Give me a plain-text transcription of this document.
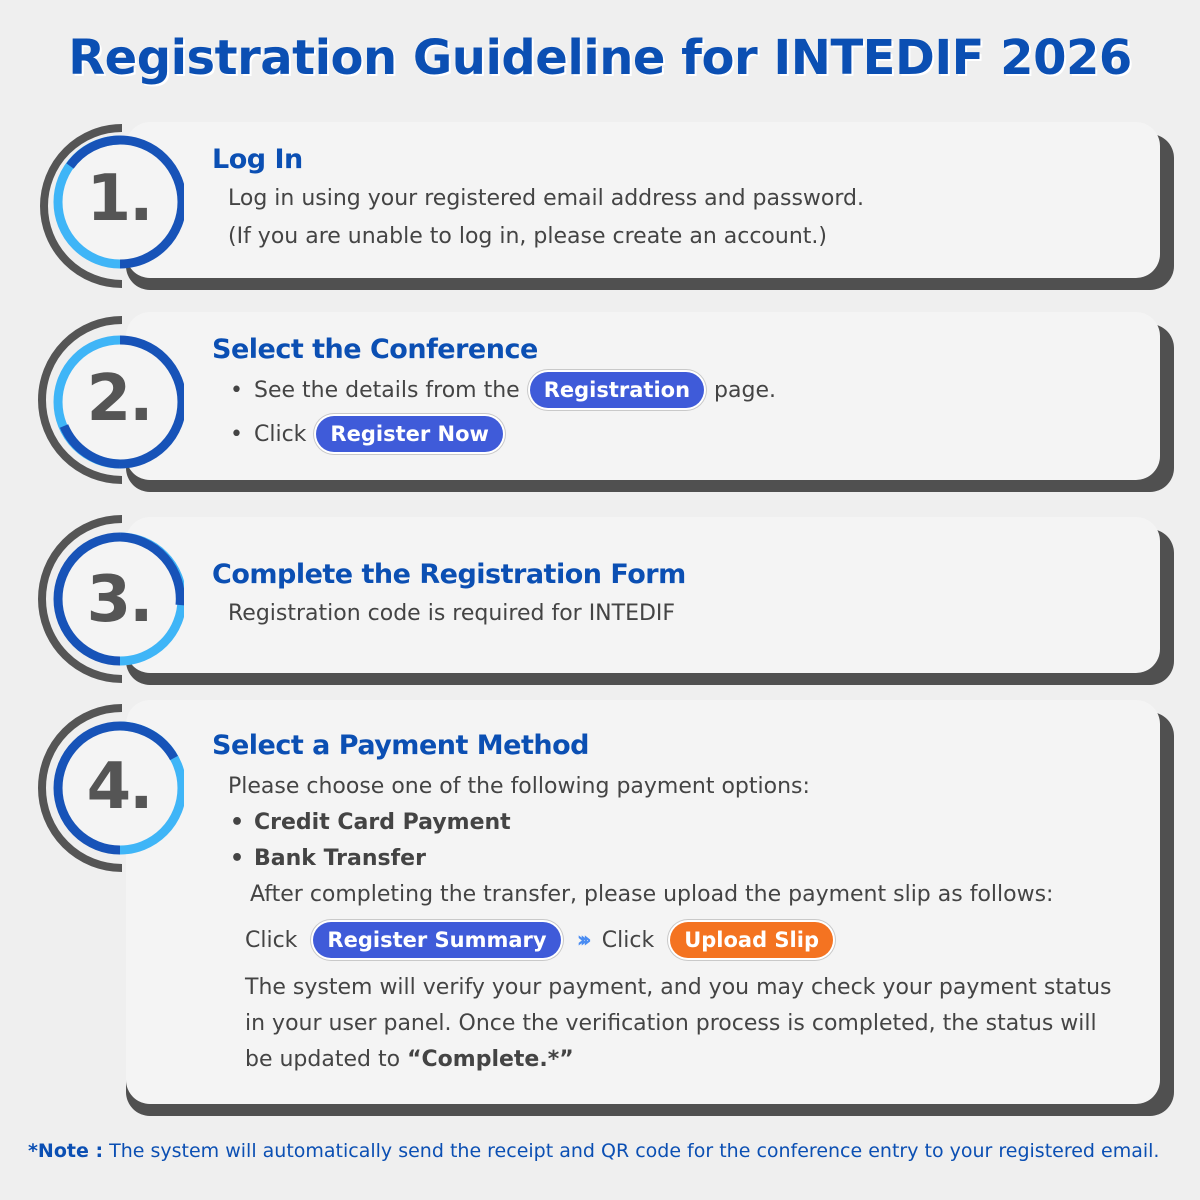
Registration Guideline for INTEDIF 2026
1.
Log In
Log in using your registered email address and password.
(If you are unable to log in, please create an account.)
2.
Select the Conference
• See the details from the	Registration	page.
• Click	Register Now
3.	Complete the Registration Form
Registration code is required for INTEDIF
4.
Select a Payment Method
Please choose one of the following payment options:
• Credit Card Payment
• Bank Transfer
After completing the transfer, please upload the payment slip as follows:
Click	Register Summary	››› Click	Upload Slip
The system will verify your payment, and you may check your payment status in your user panel. Once the verification process is completed, the status will be updated to “Complete.*”
*Note : The system will automatically send the receipt and QR code for the conference entry to your registered email.
